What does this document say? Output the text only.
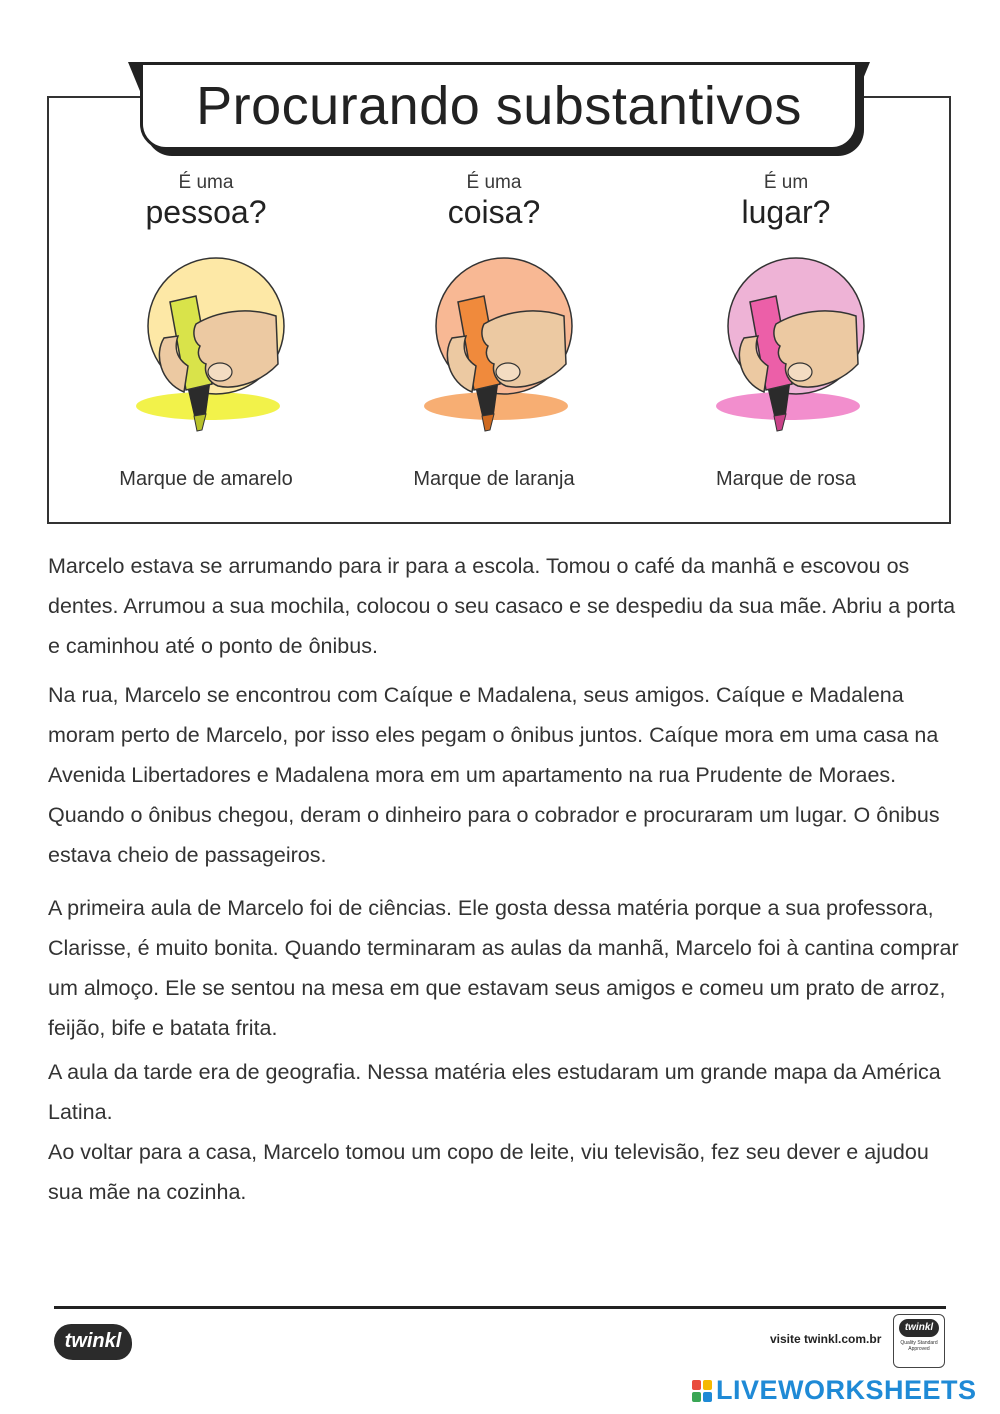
Procurando substantivos
É uma
pessoa?
Marque de amarelo
É uma
coisa?
Marque de laranja
É um
lugar?
Marque de rosa

Marcelo estava se arrumando para ir para a escola. Tomou o café da manhã e escovou os dentes. Arrumou a sua mochila, colocou o seu casaco e se despediu da sua mãe. Abriu a porta e caminhou até o ponto de ônibus.

Na rua, Marcelo se encontrou com Caíque e Madalena, seus amigos. Caíque e Madalena moram perto de Marcelo, por isso eles pegam o ônibus juntos. Caíque mora em uma casa na Avenida Libertadores e Madalena mora em um apartamento na rua Prudente de Moraes. Quando o ônibus chegou, deram o dinheiro para o cobrador e procuraram um lugar. O ônibus estava cheio de passageiros.

A primeira aula de Marcelo foi de ciências. Ele gosta dessa matéria porque a sua professora, Clarisse, é muito bonita. Quando terminaram as aulas da manhã, Marcelo foi à cantina comprar um almoço. Ele se sentou na mesa em que estavam seus amigos e comeu um prato de arroz, feijão, bife e batata frita.

A aula da tarde era de geografia. Nessa matéria eles estudaram um grande mapa da América Latina.

Ao voltar para a casa, Marcelo tomou um copo de leite, viu televisão, fez seu dever e ajudou sua mãe na cozinha.

twinkl	visite twinkl.com.br
twinkl
Quality Standard Approved
LIVEWORKSHEETS
